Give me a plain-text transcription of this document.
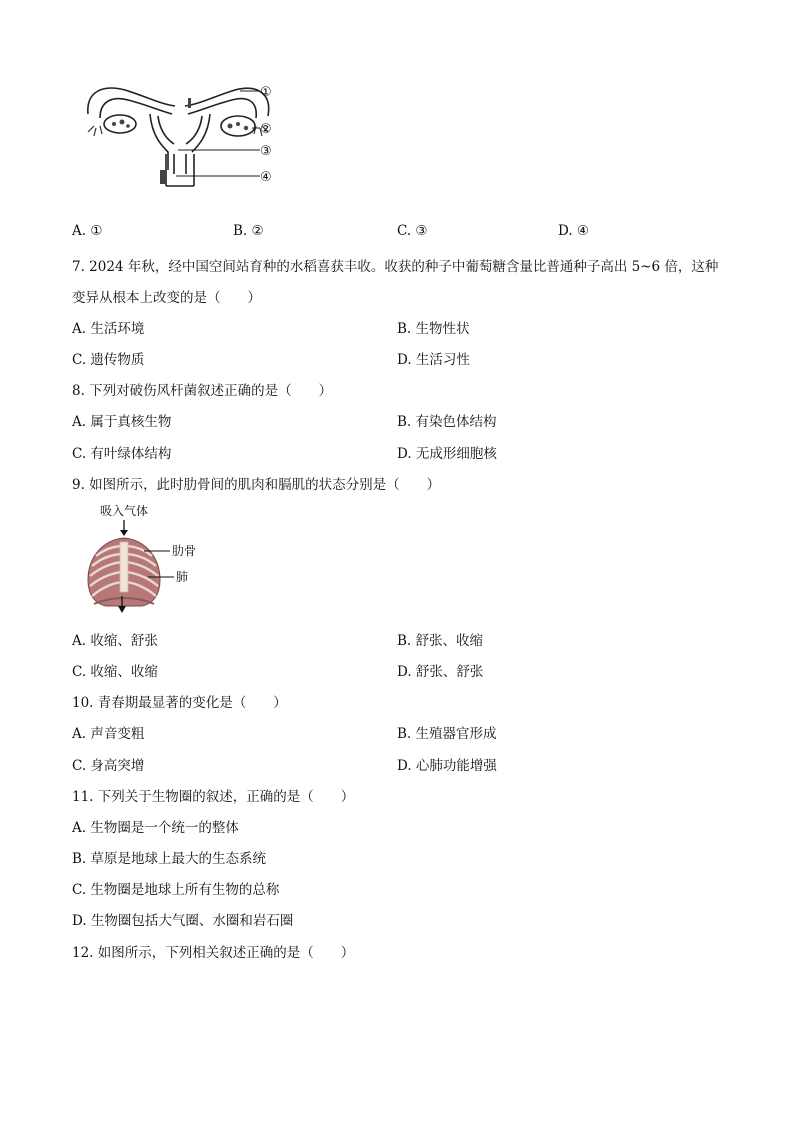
①
②
③
④
A. ①	B. ②	C. ③	D. ④
7. 2024 年秋，经中国空间站育种的水稻喜获丰收。收获的种子中葡萄糖含量比普通种子高出 5~6 倍，这种
变异从根本上改变的是（　　）
A. 生活环境	B. 生物性状
C. 遗传物质	D. 生活习性
8. 下列对破伤风杆菌叙述正确的是（　　）
A. 属于真核生物	B. 有染色体结构
C. 有叶绿体结构	D. 无成形细胞核
9. 如图所示，此时肋骨间的肌肉和膈肌的状态分别是（　　）
吸入气体
肋骨
肺
A. 收缩、舒张	B. 舒张、收缩
C. 收缩、收缩	D. 舒张、舒张
10. 青春期最显著的变化是（　　）
A. 声音变粗	B. 生殖器官形成
C. 身高突增	D. 心肺功能增强
11. 下列关于生物圈的叙述，正确的是（　　）
A. 生物圈是一个统一的整体
B. 草原是地球上最大的生态系统
C. 生物圈是地球上所有生物的总称
D. 生物圈包括大气圈、水圈和岩石圈
12. 如图所示，下列相关叙述正确的是（　　）
